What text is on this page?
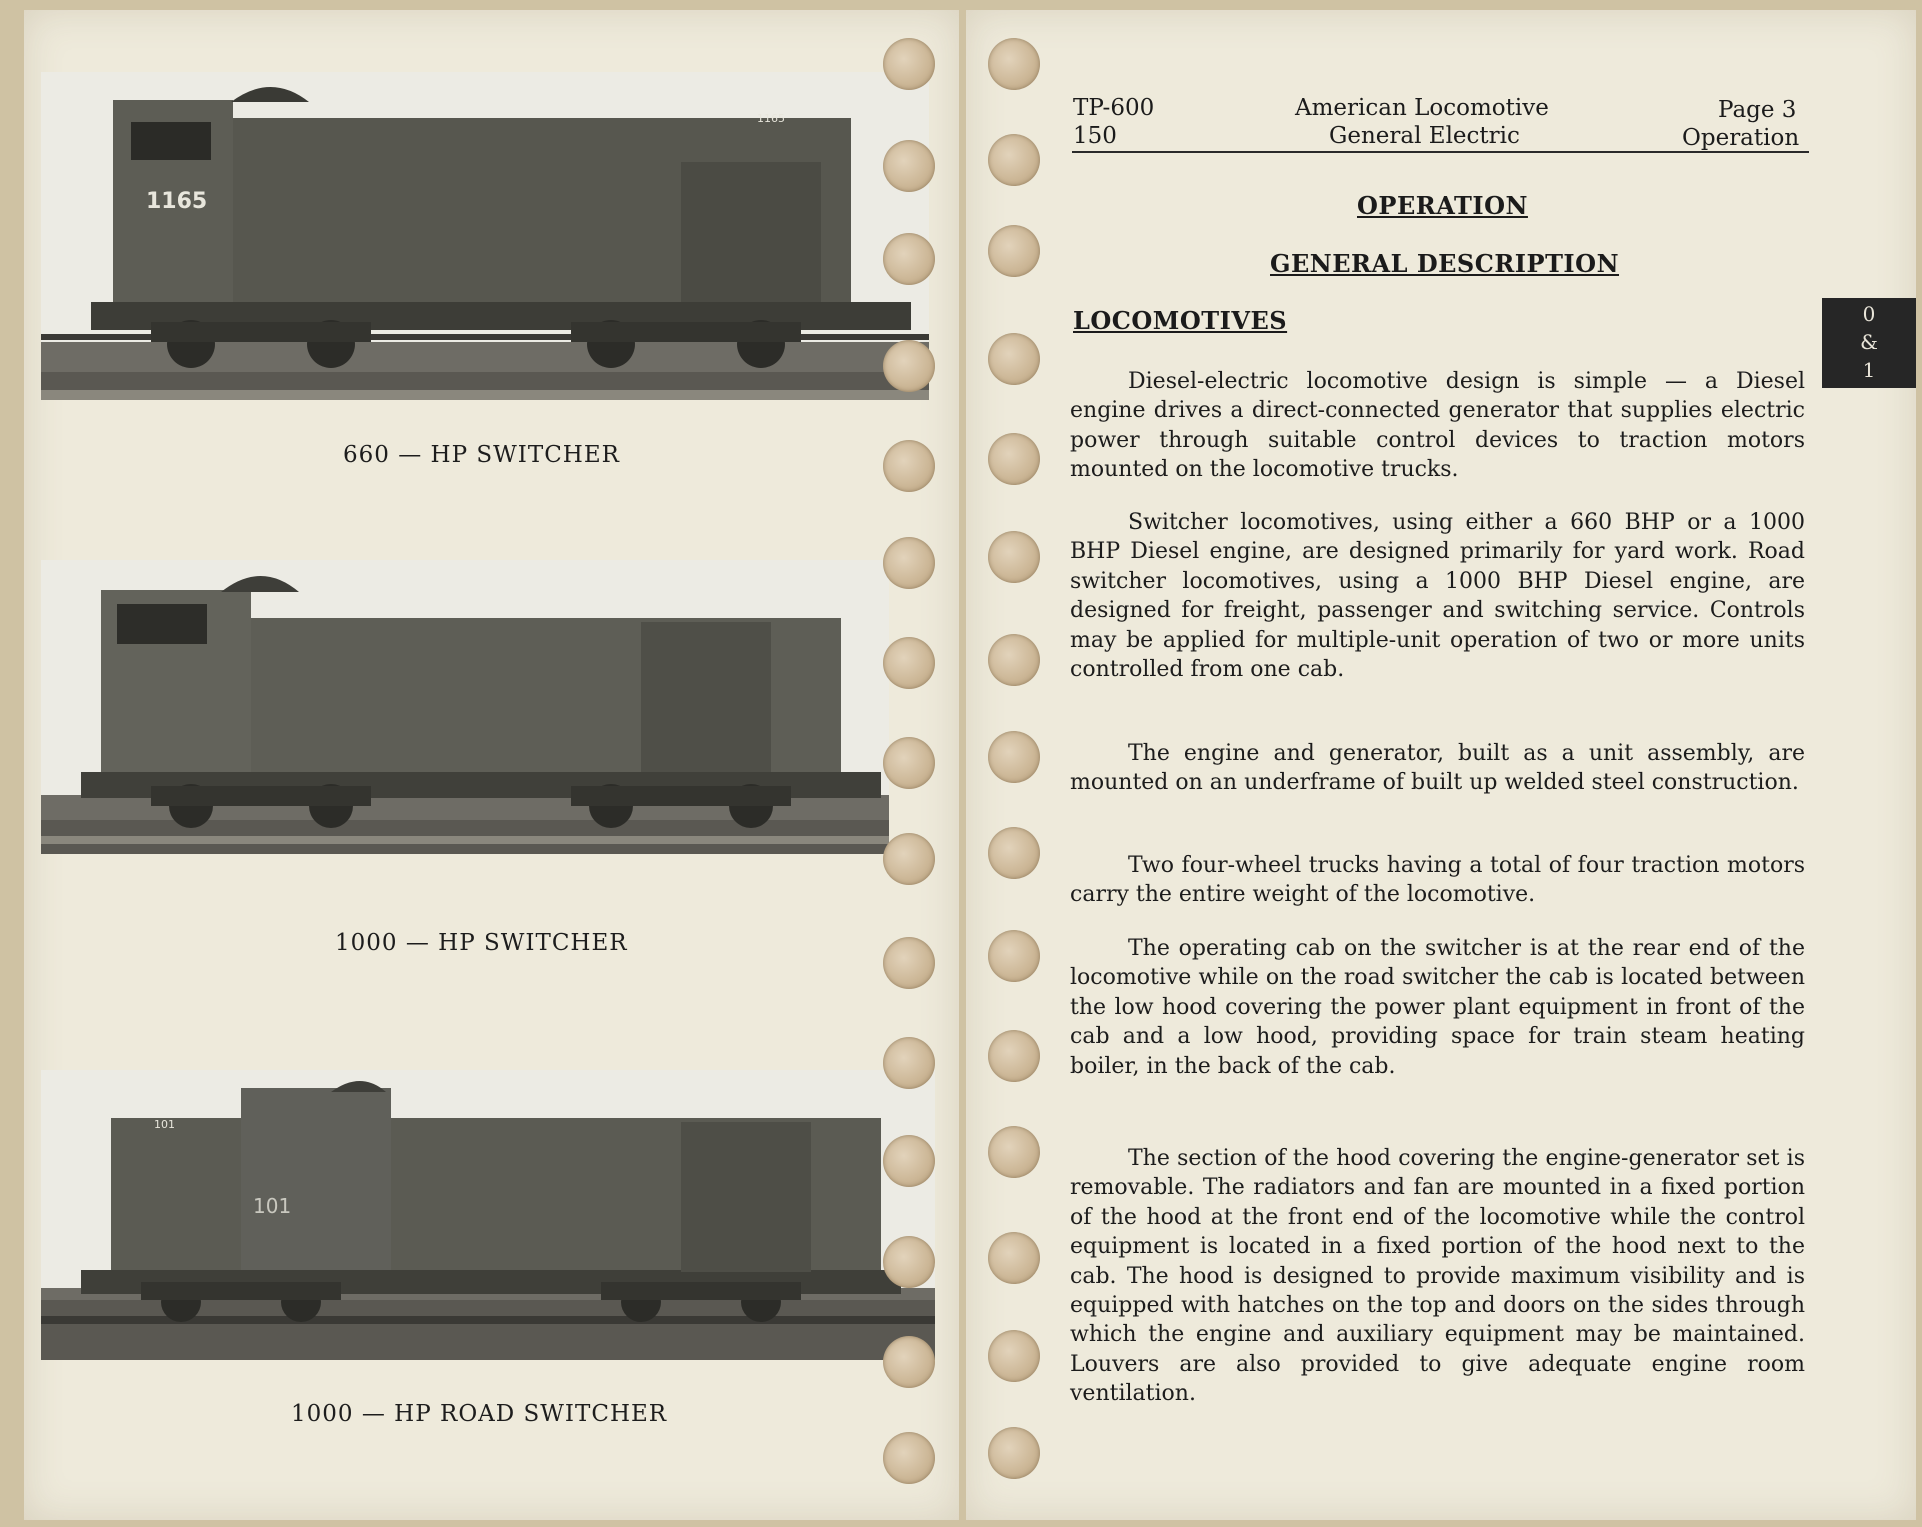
1165
1165
660 — HP SWITCHER
1000 — HP SWITCHER
101
101
1000 — HP ROAD SWITCHER
TP-600
150
American Locomotive
General Electric
Page 3
Operation
0
&
1
OPERATION
GENERAL DESCRIPTION
LOCOMOTIVES

Diesel-electric locomotive design is simple — a Diesel engine drives a direct-connected generator that supplies electric power through suitable control devices to traction motors mounted on the locomotive trucks.

Switcher locomotives, using either a 660 BHP or a 1000 BHP Diesel engine, are designed primarily for yard work. Road switcher locomotives, using a 1000 BHP Diesel engine, are designed for freight, passenger and switching service. Controls may be applied for multiple-unit operation of two or more units controlled from one cab.

The engine and generator, built as a unit assembly, are mounted on an underframe of built up welded steel construction.

Two four-wheel trucks having a total of four traction motors carry the entire weight of the locomotive.

The operating cab on the switcher is at the rear end of the locomotive while on the road switcher the cab is located between the low hood covering the power plant equipment in front of the cab and a low hood, providing space for train steam heating boiler, in the back of the cab.

The section of the hood covering the engine-generator set is removable. The radiators and fan are mounted in a fixed portion of the hood at the front end of the locomotive while the control equipment is located in a fixed portion of the hood next to the cab. The hood is designed to provide maximum visibility and is equipped with hatches on the top and doors on the sides through which the engine and auxiliary equipment may be maintained. Louvers are also provided to give adequate engine room ventilation.
